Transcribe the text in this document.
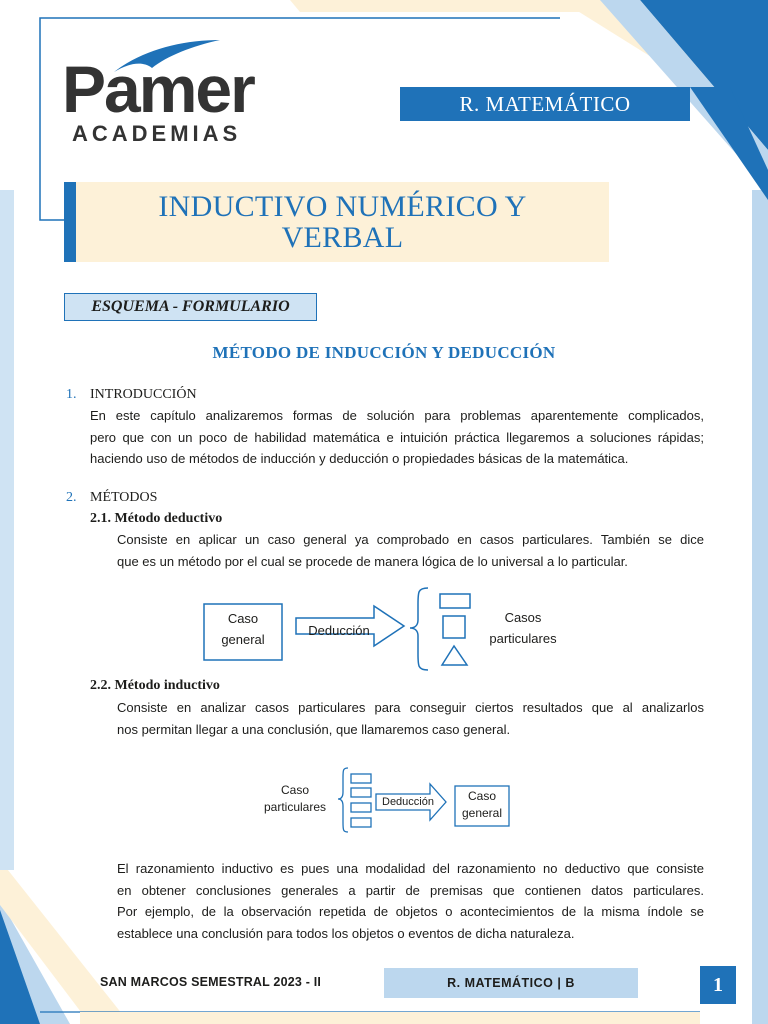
Pamer
ACADEMIAS
R. MATEMÁTICO
INDUCTIVO NUMÉRICO Y
VERBAL
ESQUEMA - FORMULARIO
MÉTODO DE INDUCCIÓN Y DEDUCCIÓN
1. INTRODUCCIÓN
En este capítulo analizaremos formas de solución para problemas aparentemente complicados,
pero que con un poco de habilidad matemática e intuición práctica llegaremos a soluciones rápidas;
haciendo uso de métodos de inducción y deducción o propiedades básicas de la matemática.
2. MÉTODOS
2.1. Método deductivo
Consiste en aplicar un caso general ya comprobado en casos particulares. También se dice
que es un método por el cual se procede de manera lógica de lo universal a lo particular.
Caso
general
Deducción
Casos
particulares
2.2. Método inductivo
Consiste en analizar casos particulares para conseguir ciertos resultados que al analizarlos
nos permitan llegar a una conclusión, que llamaremos caso general.
Caso
particulares	Deducción	Caso
general
El razonamiento inductivo es pues una modalidad del razonamiento no deductivo que consiste
en obtener conclusiones generales a partir de premisas que contienen datos particulares.
Por ejemplo, de la observación repetida de objetos o acontecimientos de la misma índole se
establece una conclusión para todos los objetos o eventos de dicha naturaleza.
SAN MARCOS SEMESTRAL 2023 - II	R. MATEMÁTICO | B	1
